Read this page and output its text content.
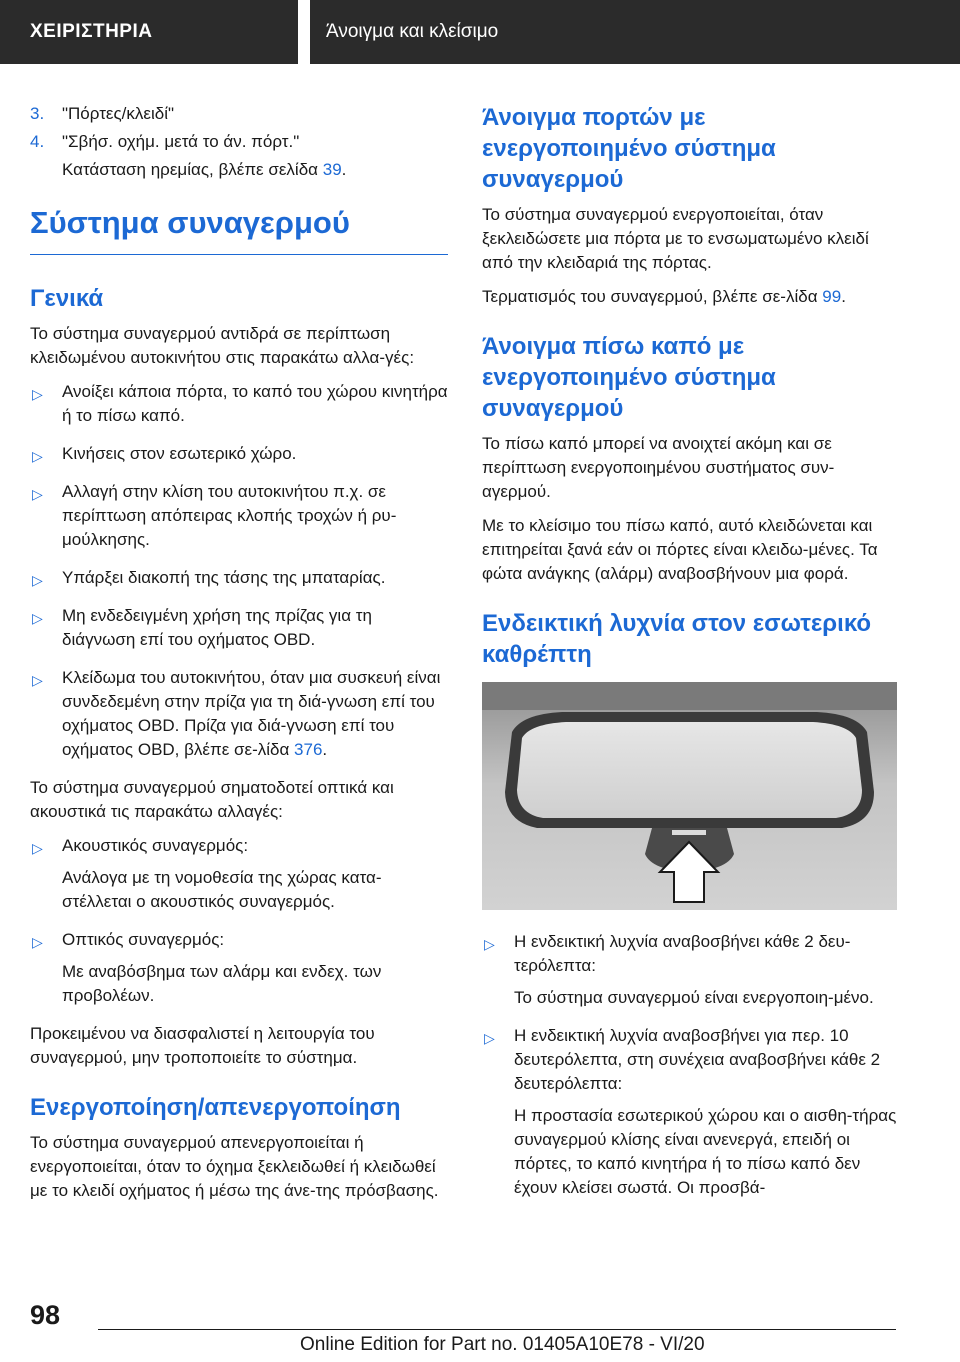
ΧΕΙΡΙΣΤΗΡΙΑ	Άνοιγμα και κλείσιμο
3. "Πόρτες/κλειδί"
4. "Σβήσ. οχήμ. μετά το άν. πόρτ."

Κατάσταση ηρεμίας, βλέπε σελίδα 39.

Σύστημα συναγερμού
Γενικά

Το σύστημα συναγερμού αντιδρά σε περίπτωση κλειδωμένου αυτοκινήτου στις παρακάτω αλλα-γές:

▷ Ανοίξει κάποια πόρτα, το καπό του χώρου κινητήρα ή το πίσω καπό.
▷ Κινήσεις στον εσωτερικό χώρο.
▷ Αλλαγή στην κλίση του αυτοκινήτου π.χ. σε περίπτωση απόπειρας κλοπής τροχών ή ρυ-μούλκησης.
▷ Υπάρξει διακοπή της τάσης της μπαταρίας.
▷ Μη ενδεδειγμένη χρήση της πρίζας για τη διάγνωση επί του οχήματος OBD.
▷ Κλείδωμα του αυτοκινήτου, όταν μια συσκευή είναι συνδεδεμένη στην πρίζα για τη διά-γνωση επί του οχήματος OBD. Πρίζα για διά-γνωση επί του οχήματος OBD, βλέπε σε-λίδα 376.

Το σύστημα συναγερμού σηματοδοτεί οπτικά και ακουστικά τις παρακάτω αλλαγές:

▷ Ακουστικός συναγερμός:
Ανάλογα με τη νομοθεσία της χώρας κατα-στέλλεται ο ακουστικός συναγερμός.
▷ Οπτικός συναγερμός:
Με αναβόσβημα των αλάρμ και ενδεχ. των προβολέων.

Προκειμένου να διασφαλιστεί η λειτουργία του συναγερμού, μην τροποποιείτε το σύστημα.

Ενεργοποίηση/απενεργοποίηση

Το σύστημα συναγερμού απενεργοποιείται ή ενεργοποιείται, όταν το όχημα ξεκλειδωθεί ή κλειδωθεί με το κλειδί οχήματος ή μέσω της άνε-της πρόσβασης.

Άνοιγμα πορτών με ενεργοποιημένο σύστημα συναγερμού

Το σύστημα συναγερμού ενεργοποιείται, όταν ξεκλειδώσετε μια πόρτα με το ενσωματωμένο κλειδί από την κλειδαριά της πόρτας.

Τερματισμός του συναγερμού, βλέπε σε-λίδα 99.

Άνοιγμα πίσω καπό με ενεργοποιημένο σύστημα συναγερμού

Το πίσω καπό μπορεί να ανοιχτεί ακόμη και σε περίπτωση ενεργοποιημένου συστήματος συν-αγερμού.

Με το κλείσιμο του πίσω καπό, αυτό κλειδώνεται και επιτηρείται ξανά εάν οι πόρτες είναι κλειδω-μένες. Τα φώτα ανάγκης (αλάρμ) αναβοσβήνουν μια φορά.

Ενδεικτική λυχνία στον εσωτερικό καθρέπτη
▷ Η ενδεικτική λυχνία αναβοσβήνει κάθε 2 δευ-τερόλεπτα:
Το σύστημα συναγερμού είναι ενεργοποιη-μένο.
▷ Η ενδεικτική λυχνία αναβοσβήνει για περ. 10 δευτερόλεπτα, στη συνέχεια αναβοσβήνει κάθε 2 δευτερόλεπτα:
Η προστασία εσωτερικού χώρου και ο αισθη-τήρας συναγερμού κλίσης είναι ανενεργά, επειδή οι πόρτες, το καπό κινητήρα ή το πίσω καπό δεν έχουν κλείσει σωστά. Οι προσβά-
98
Online Edition for Part no. 01405A10E78 - VI/20
